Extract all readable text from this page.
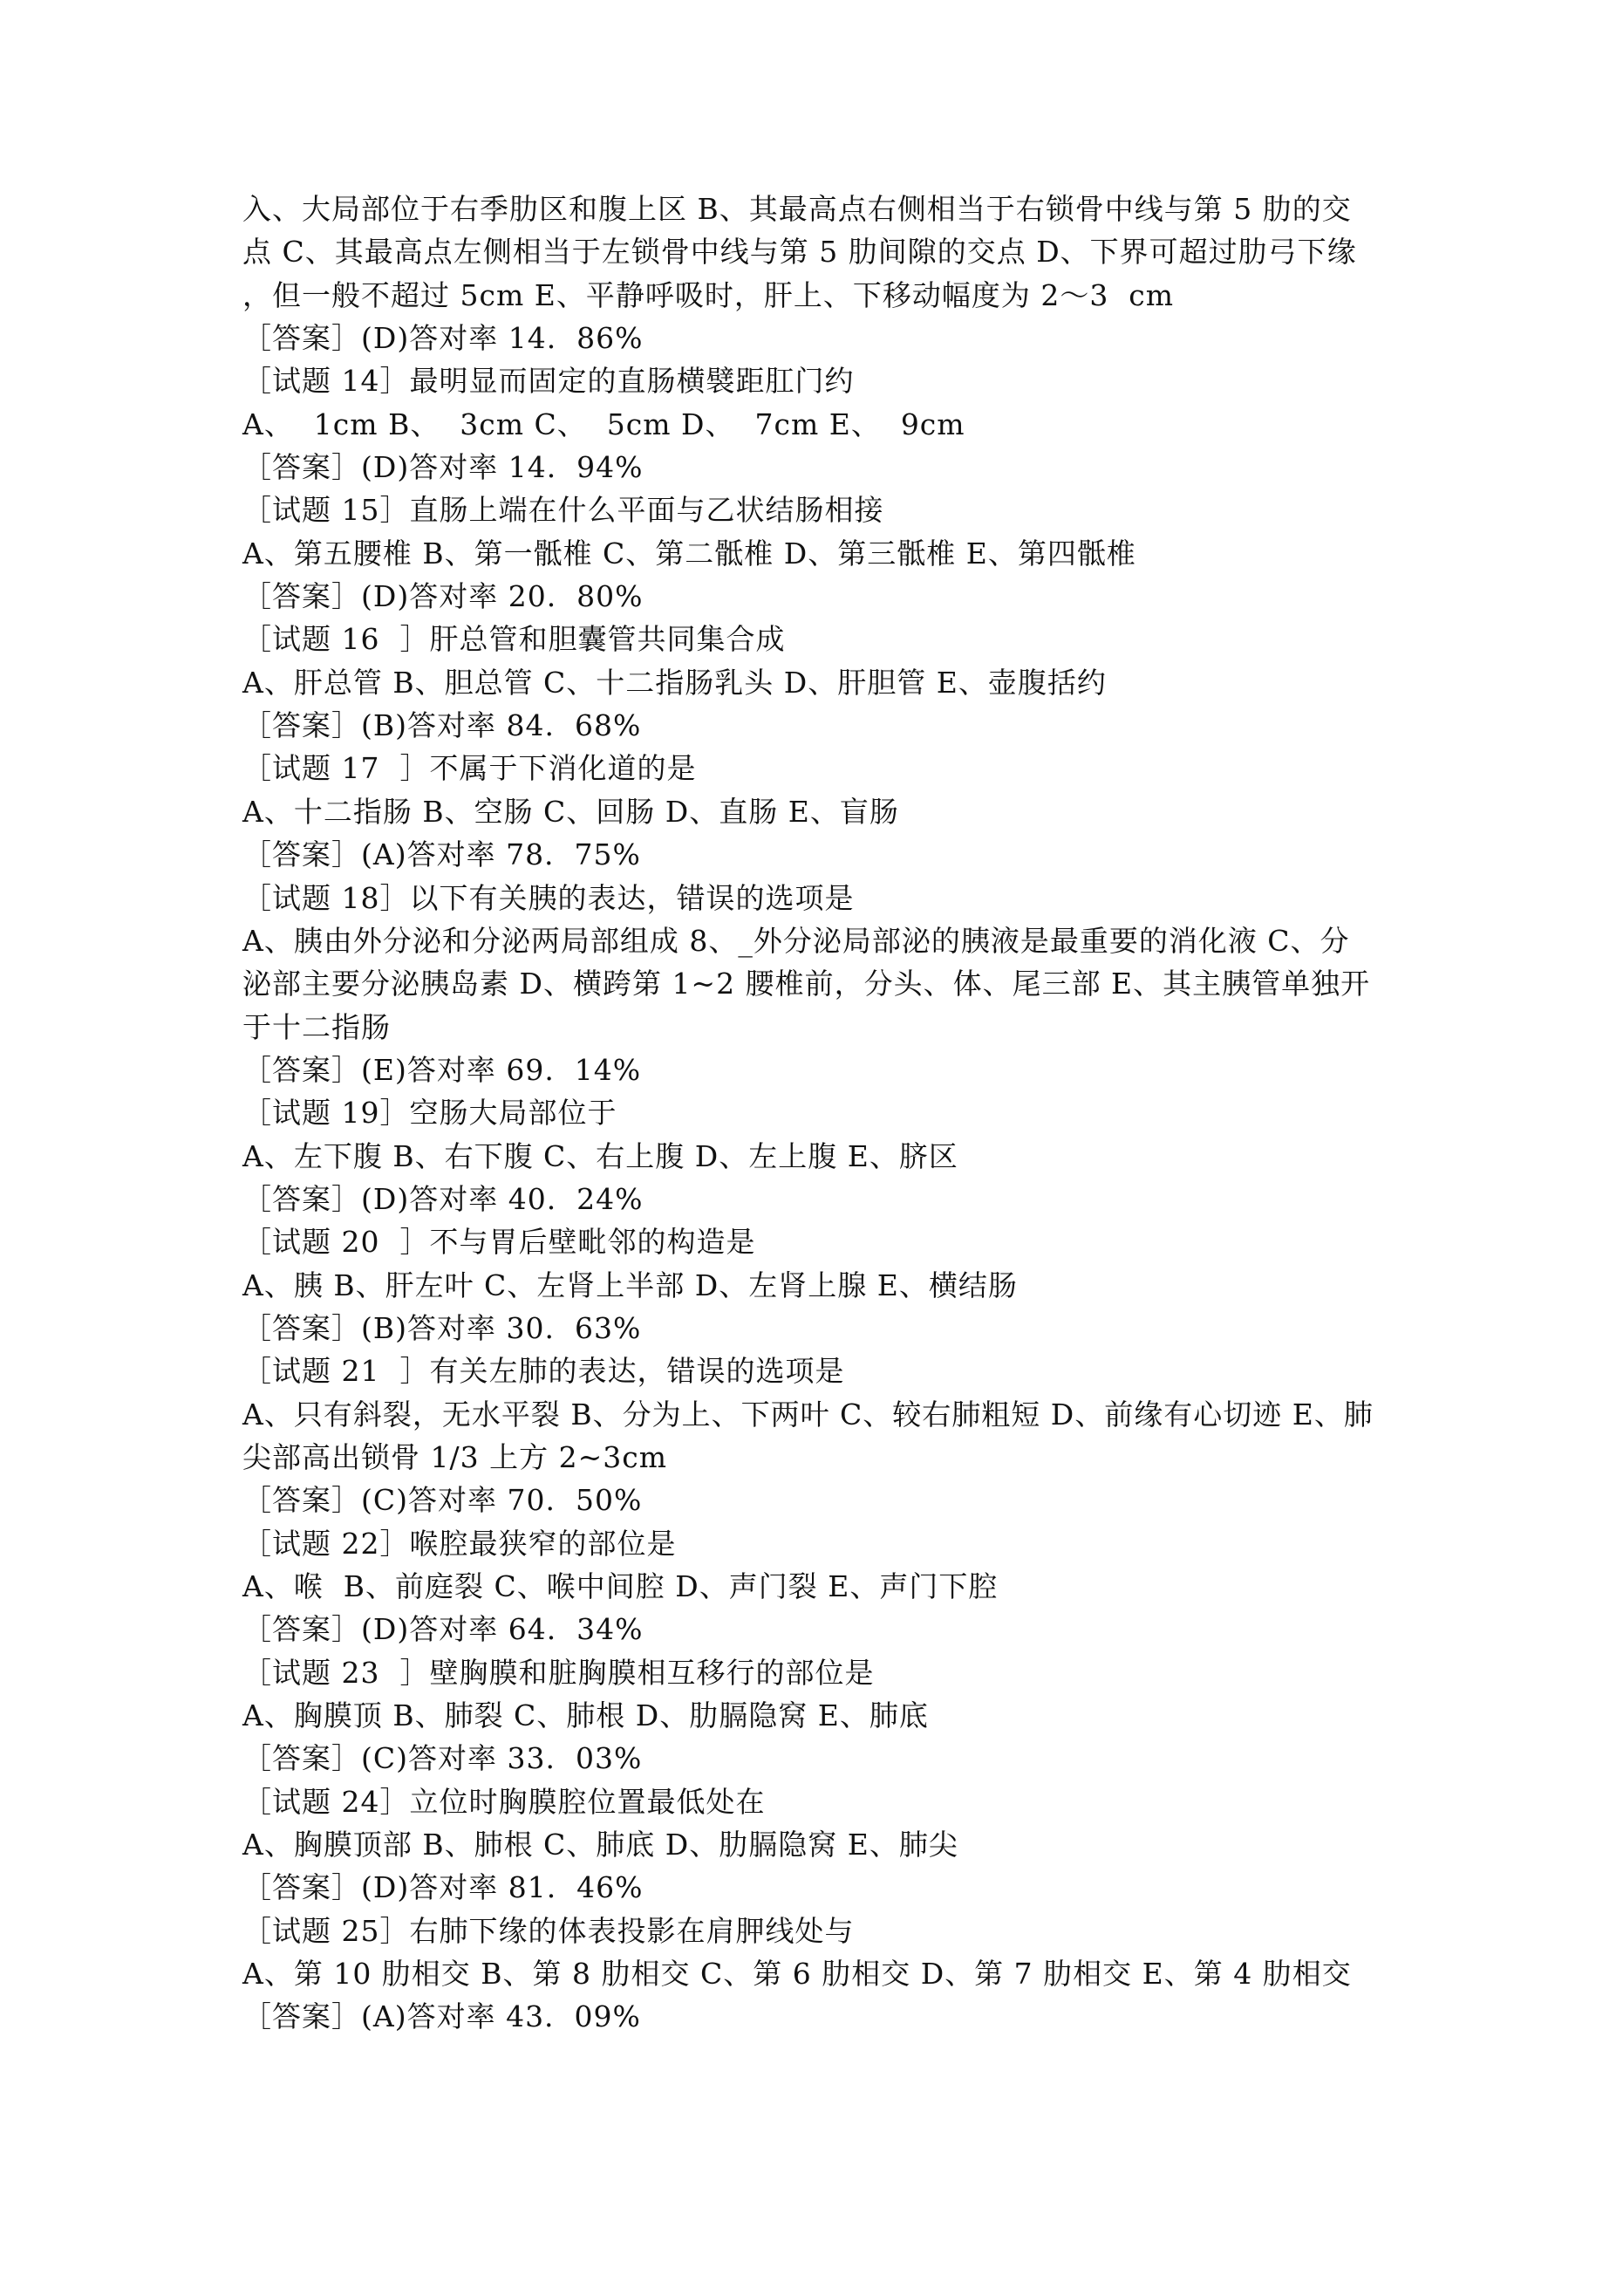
入、大局部位于右季肋区和腹上区 B、其最高点右侧相当于右锁骨中线与第 5 肋的交
点 C、其最高点左侧相当于左锁骨中线与第 5 肋间隙的交点 D、下界可超过肋弓下缘
，但一般不超过 5cm E、平静呼吸时，肝上、下移动幅度为 2〜3  cm
［答案］(D)答对率 14.  86%
［试题 14］最明显而固定的直肠横襞距肛门约
A、  1cm B、  3cm C、  5cm D、  7cm E、  9cm
［答案］(D)答对率 14.  94%
［试题 15］直肠上端在什么平面与乙状结肠相接
A、第五腰椎 B、第一骶椎 C、第二骶椎 D、第三骶椎 E、第四骶椎
［答案］(D)答对率 20.  80%
［试题 16  ］肝总管和胆囊管共同集合成
A、肝总管 B、胆总管 C、十二指肠乳头 D、肝胆管 E、壶腹括约
［答案］(B)答对率 84.  68%
［试题 17  ］不属于下消化道的是
A、十二指肠 B、空肠 C、回肠 D、直肠 E、盲肠
［答案］(A)答对率 78.  75%
［试题 18］以下有关胰的表达，错误的选项是
A、胰由外分泌和分泌两局部组成 8、_外分泌局部泌的胰液是最重要的消化液 C、分
泌部主要分泌胰岛素 D、横跨第 1~2 腰椎前，分头、体、尾三部 E、其主胰管单独开
于十二指肠
［答案］(E)答对率 69.  14%
［试题 19］空肠大局部位于
A、左下腹 B、右下腹 C、右上腹 D、左上腹 E、脐区
［答案］(D)答对率 40.  24%
［试题 20  ］不与胃后壁毗邻的构造是
A、胰 B、肝左叶 C、左肾上半部 D、左肾上腺 E、横结肠
［答案］(B)答对率 30.  63%
［试题 21  ］有关左肺的表达，错误的选项是
A、只有斜裂，无水平裂 B、分为上、下两叶 C、较右肺粗短 D、前缘有心切迹 E、肺
尖部高出锁骨 1/3 上方 2~3cm
［答案］(C)答对率 70.  50%
［试题 22］喉腔最狭窄的部位是
A、喉  B、前庭裂 C、喉中间腔 D、声门裂 E、声门下腔
［答案］(D)答对率 64.  34%
［试题 23  ］壁胸膜和脏胸膜相互移行的部位是
A、胸膜顶 B、肺裂 C、肺根 D、肋膈隐窝 E、肺底
［答案］(C)答对率 33.  03%
［试题 24］立位时胸膜腔位置最低处在
A、胸膜顶部 B、肺根 C、肺底 D、肋膈隐窝 E、肺尖
［答案］(D)答对率 81.  46%
［试题 25］右肺下缘的体表投影在肩胛线处与
A、第 10 肋相交 B、第 8 肋相交 C、第 6 肋相交 D、第 7 肋相交 E、第 4 肋相交
［答案］(A)答对率 43.  09%
